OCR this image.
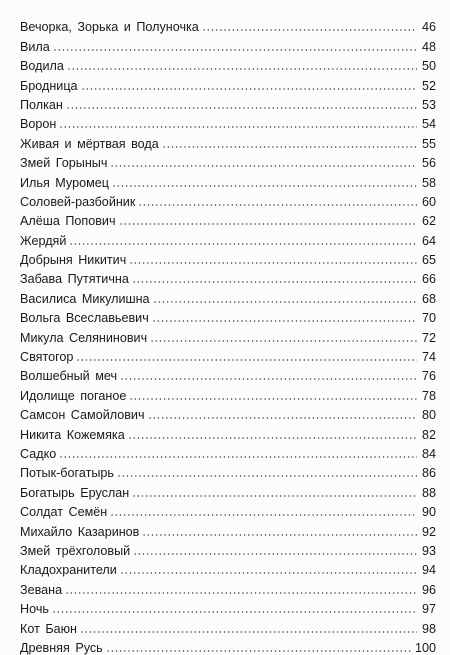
Вечорка, Зорька и Полуночка	46
Вила	48
Водила	50
Бродница	52
Полкан	53
Ворон	54
Живая и мёртвая вода	55
Змей Горыныч	56
Илья Муромец	58
Соловей-разбойник	60
Алёша Попович	62
Жердяй	64
Добрыня Никитич	65
Забава Путятична	66
Василиса Микулишна	68
Вольга Всеславьевич	70
Микула Селянинович	72
Святогор	74
Волшебный меч	76
Идолище поганое	78
Самсон Самойлович	80
Никита Кожемяка	82
Садко	84
Потык-богатырь	86
Богатырь Еруслан	88
Солдат Семён	90
Михайло Казаринов	92
Змей трёхголовый	93
Кладохранители	94
Зевана	96
Ночь	97
Кот Баюн	98
Древняя Русь	100
